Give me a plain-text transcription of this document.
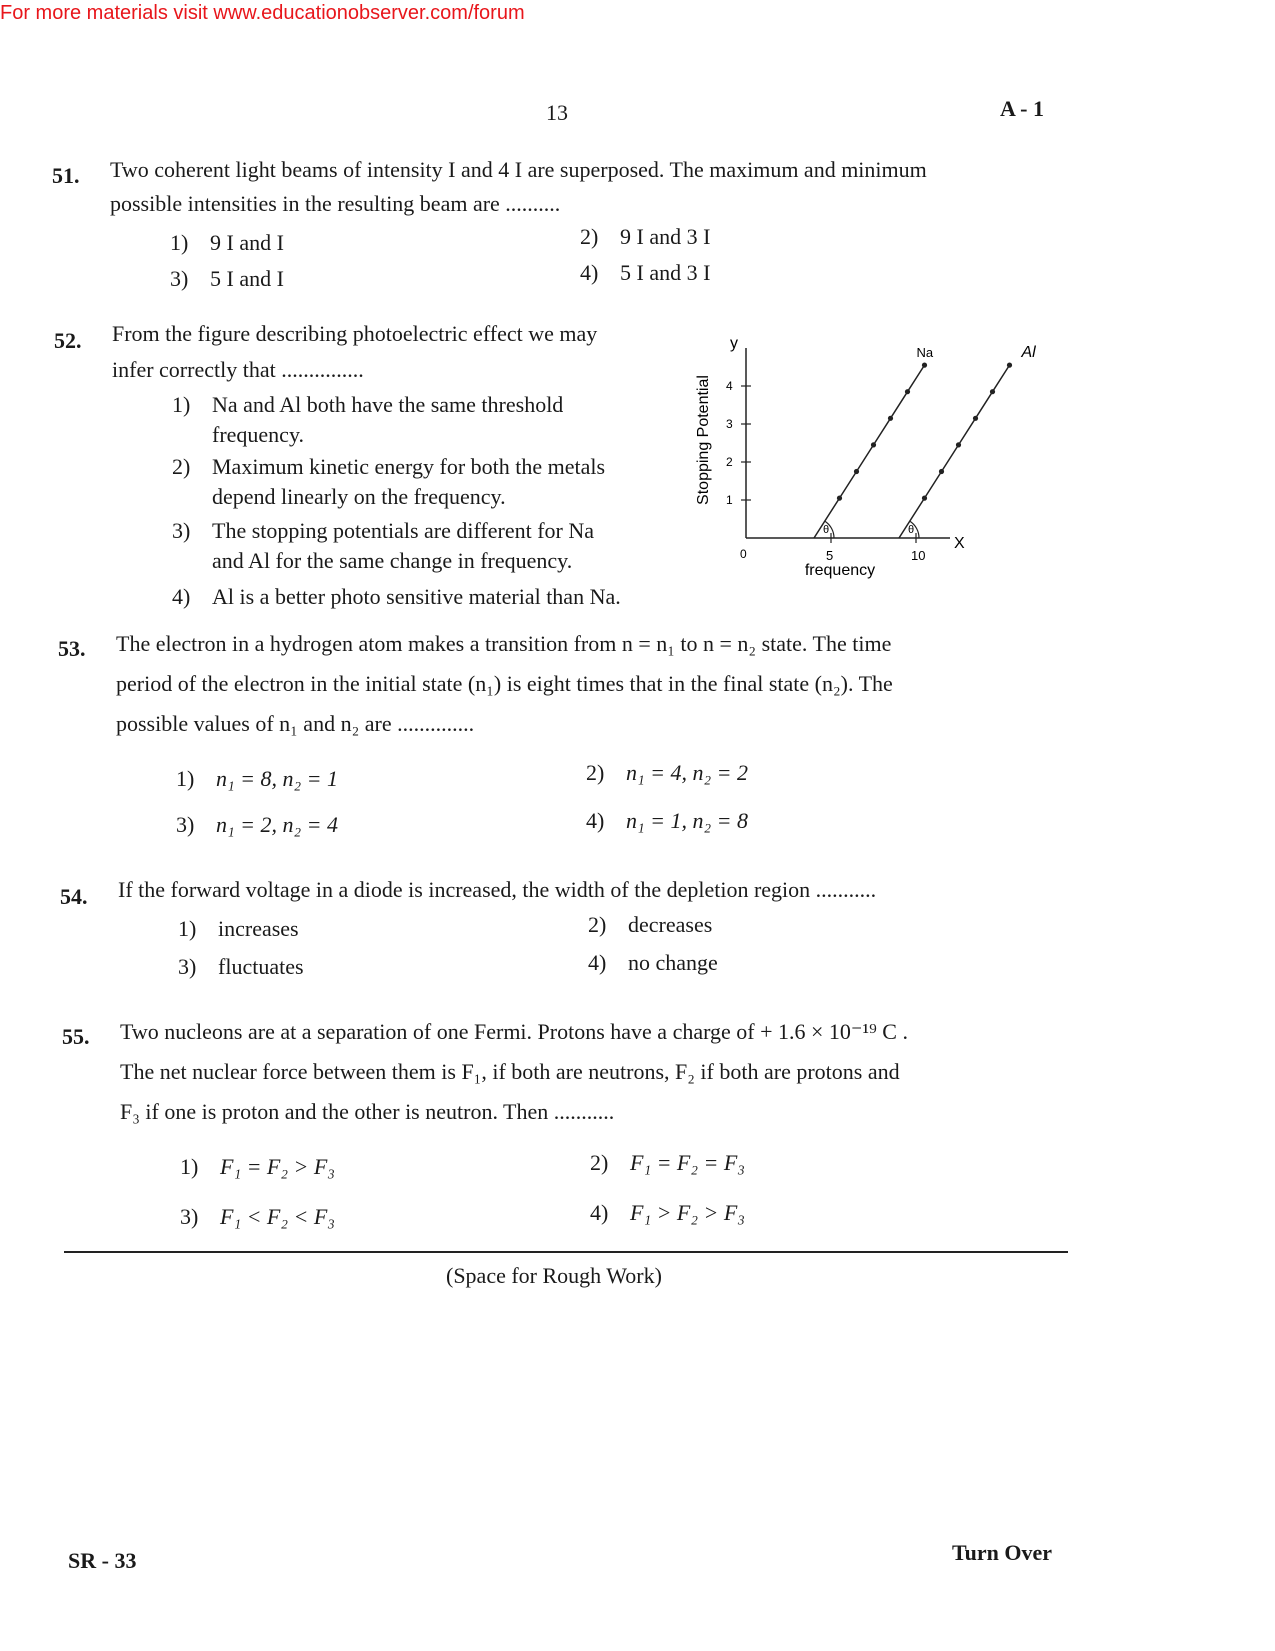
For more materials visit www.educationobserver.com/forum
13	A - 1
51. Two coherent light beams of intensity I and 4 I are superposed. The maximum and minimum
possible intensities in the resulting beam are ..........
1) 9 I and I	2) 9 I and 3 I
3) 5 I and I	4) 5 I and 3 I
52. From the figure describing photoelectric effect we may
infer correctly that ...............
1) Na and Al both have the same threshold
frequency.
2) Maximum kinetic energy for both the metals
depend linearly on the frequency.
3) The stopping potentials are different for Na
and Al for the same change in frequency.
4) Al is a better photo sensitive material than Na.
y
X
0
Stopping Potential
frequency
1
2
3
4
5	10
Na
θ
Al
θ
53. The electron in a hydrogen atom makes a transition from n = n₁ to n = n₂ state. The time
period of the electron in the initial state (n₁) is eight times that in the final state (n₂). The
possible values of n₁ and n₂ are ..............
1) n₁ = 8, n₂ = 1	2) n₁ = 4, n₂ = 2
3) n₁ = 2, n₂ = 4	4) n₁ = 1, n₂ = 8
54. If the forward voltage in a diode is increased, the width of the depletion region ...........
1) increases	2) decreases
3) fluctuates	4) no change
55. Two nucleons are at a separation of one Fermi. Protons have a charge of + 1.6 × 10⁻¹⁹ C .
The net nuclear force between them is F₁, if both are neutrons, F₂ if both are protons and
F₃ if one is proton and the other is neutron. Then ...........
1) F₁ = F₂ > F₃	2) F₁ = F₂ = F₃
3) F₁ < F₂ < F₃	4) F₁ > F₂ > F₃
(Space for Rough Work)
SR - 33	Turn Over
